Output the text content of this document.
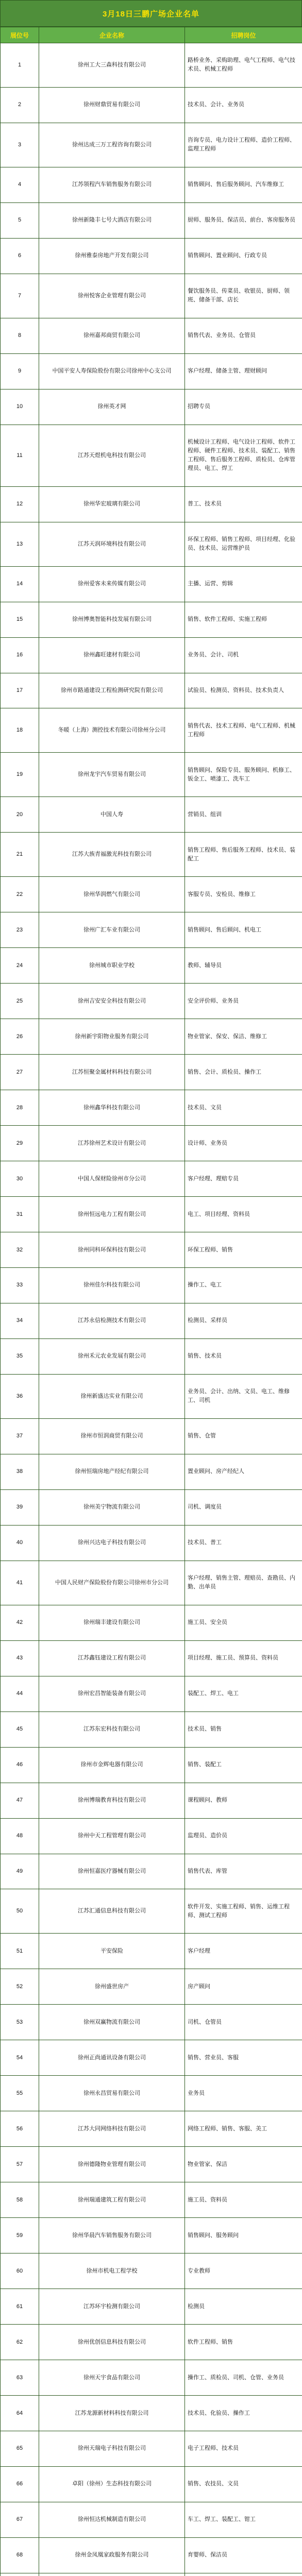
3月18日三鹏广场企业名单
展位号	企业名称	招聘岗位
1	徐州工大三森科技有限公司	路桥业务、采购助理、电气工程师、电气技术员、机械工程师
2	徐州财鼎贸易有限公司	技术员、会计、业务员
3	徐州达成三万工程咨询有限公司	咨询专员、电力设计工程师、造价工程师、监理工程师
4	江苏领程汽车销售服务有限公司	销售顾问、售后服务顾问、汽车维修工
5	徐州新隆丰七号大酒店有限公司	厨师、服务员、保洁员、前台、客房服务员
6	徐州雅泰房地产开发有限公司	销售顾问、置业顾问、行政专员
7	徐州悦客企业管理有限公司	餐饮服务员、传菜员、收银员、厨师、领班、储备干部、店长
8	徐州嘉邦商贸有限公司	销售代表、业务员、仓管员
9	中国平安人寿保险股份有限公司徐州中心支公司	客户经理、储备主管、理财顾问
10	徐州英才网	招聘专员
11	江苏天煜机电科技有限公司	机械设计工程师、电气设计工程师、软件工程师、硬件工程师、技术员、装配工、销售工程师、售后服务工程师、质检员、仓库管理员、电工、焊工
12	徐州华宏玻璃有限公司	普工、技术员
13	江苏天润环境科技有限公司	环保工程师、销售工程师、项目经理、化验员、技术员、运营维护员
14	徐州爱客未来传媒有限公司	主播、运营、剪辑
15	徐州博奥智能科技发展有限公司	销售、软件工程师、实施工程师
16	徐州鑫旺建材有限公司	业务员、会计、司机
17	徐州市路通建设工程检测研究院有限公司	试验员、检测员、资料员、技术负责人
18	冬暖（上海）测控技术有限公司徐州分公司	销售代表、技术工程师、电气工程师、机械工程师
19	徐州龙宇汽车贸易有限公司	销售顾问、保险专员、服务顾问、机修工、钣金工、喷漆工、洗车工
20	中国人寿	营销员、组训
21	江苏大族青福激光科技有限公司	销售工程师、售后服务工程师、技术员、装配工
22	徐州华润燃气有限公司	客服专员、安检员、维修工
23	徐州广汇车业有限公司	销售顾问、售后顾问、机电工
24	徐州城市职业学校	教师、辅导员
25	徐州吉安安全科技有限公司	安全评价师、业务员
26	徐州新宇阳物业服务有限公司	物业管家、保安、保洁、维修工
27	江苏恒聚金属材料科技有限公司	销售、会计、质检员、操作工
28	徐州鑫华科技有限公司	技术员、文员
29	江苏徐州艺术设计有限公司	设计师、业务员
30	中国人保财险徐州市分公司	客户经理、理赔专员
31	徐州恒远电力工程有限公司	电工、项目经理、资料员
32	徐州同科环保科技有限公司	环保工程师、销售
33	徐州佳尔科技有限公司	操作工、电工
34	江苏永信检测技术有限公司	检测员、采样员
35	徐州禾元农业发展有限公司	销售、技术员
36	徐州新盛达实业有限公司	业务员、会计、出纳、文员、电工、维修工、司机
37	徐州市恒润商贸有限公司	销售、仓管
38	徐州恒瑞房地产经纪有限公司	置业顾问、房产经纪人
39	徐州美宁物流有限公司	司机、调度员
40	徐州兴达电子科技有限公司	技术员、普工
41	中国人民财产保险股份有限公司徐州市分公司	客户经理、销售主管、理赔员、查勘员、内勤、出单员
42	徐州瑞丰建设有限公司	施工员、安全员
43	江苏鑫钰建设工程有限公司	项目经理、施工员、预算员、资料员
44	徐州宏昌智能装备有限公司	装配工、焊工、电工
45	江苏东宏科技有限公司	技术员、销售
46	徐州市金辉电器有限公司	销售、装配工
47	徐州博瑞教育科技有限公司	课程顾问、教师
48	徐州中天工程管理有限公司	监理员、造价员
49	徐州恒嘉医疗器械有限公司	销售代表、库管
50	江苏汇通信息科技有限公司	软件开发、实施工程师、销售、运维工程师、测试工程师
51	平安保险	客户经理
52	徐州盛世房产	房产顾问
53	徐州双赢物流有限公司	司机、仓管员
54	徐州正尚通讯设备有限公司	销售、营业员、客服
55	徐州永昌贸易有限公司	业务员
56	江苏大同网络科技有限公司	网络工程师、销售、客服、美工
57	徐州德隆物业管理有限公司	物业管家、保洁
58	徐州瑞通建筑工程有限公司	施工员、资料员
59	徐州华晨汽车销售服务有限公司	销售顾问、服务顾问
60	徐州市机电工程学校	专业教师
61	江苏环宇检测有限公司	检测员
62	徐州优创信息科技有限公司	软件工程师、销售
63	徐州天宇食品有限公司	操作工、质检员、司机、仓管、业务员
64	江苏龙源新材料科技有限公司	技术员、化验员、操作工
65	徐州天瑞电子科技有限公司	电子工程师、技术员
66	卓阳（徐州）生态科技有限公司	销售、农技员、文员
67	徐州恒达机械制造有限公司	车工、焊工、装配工、钳工
68	徐州金凤凰家政服务有限公司	育婴师、保洁员
